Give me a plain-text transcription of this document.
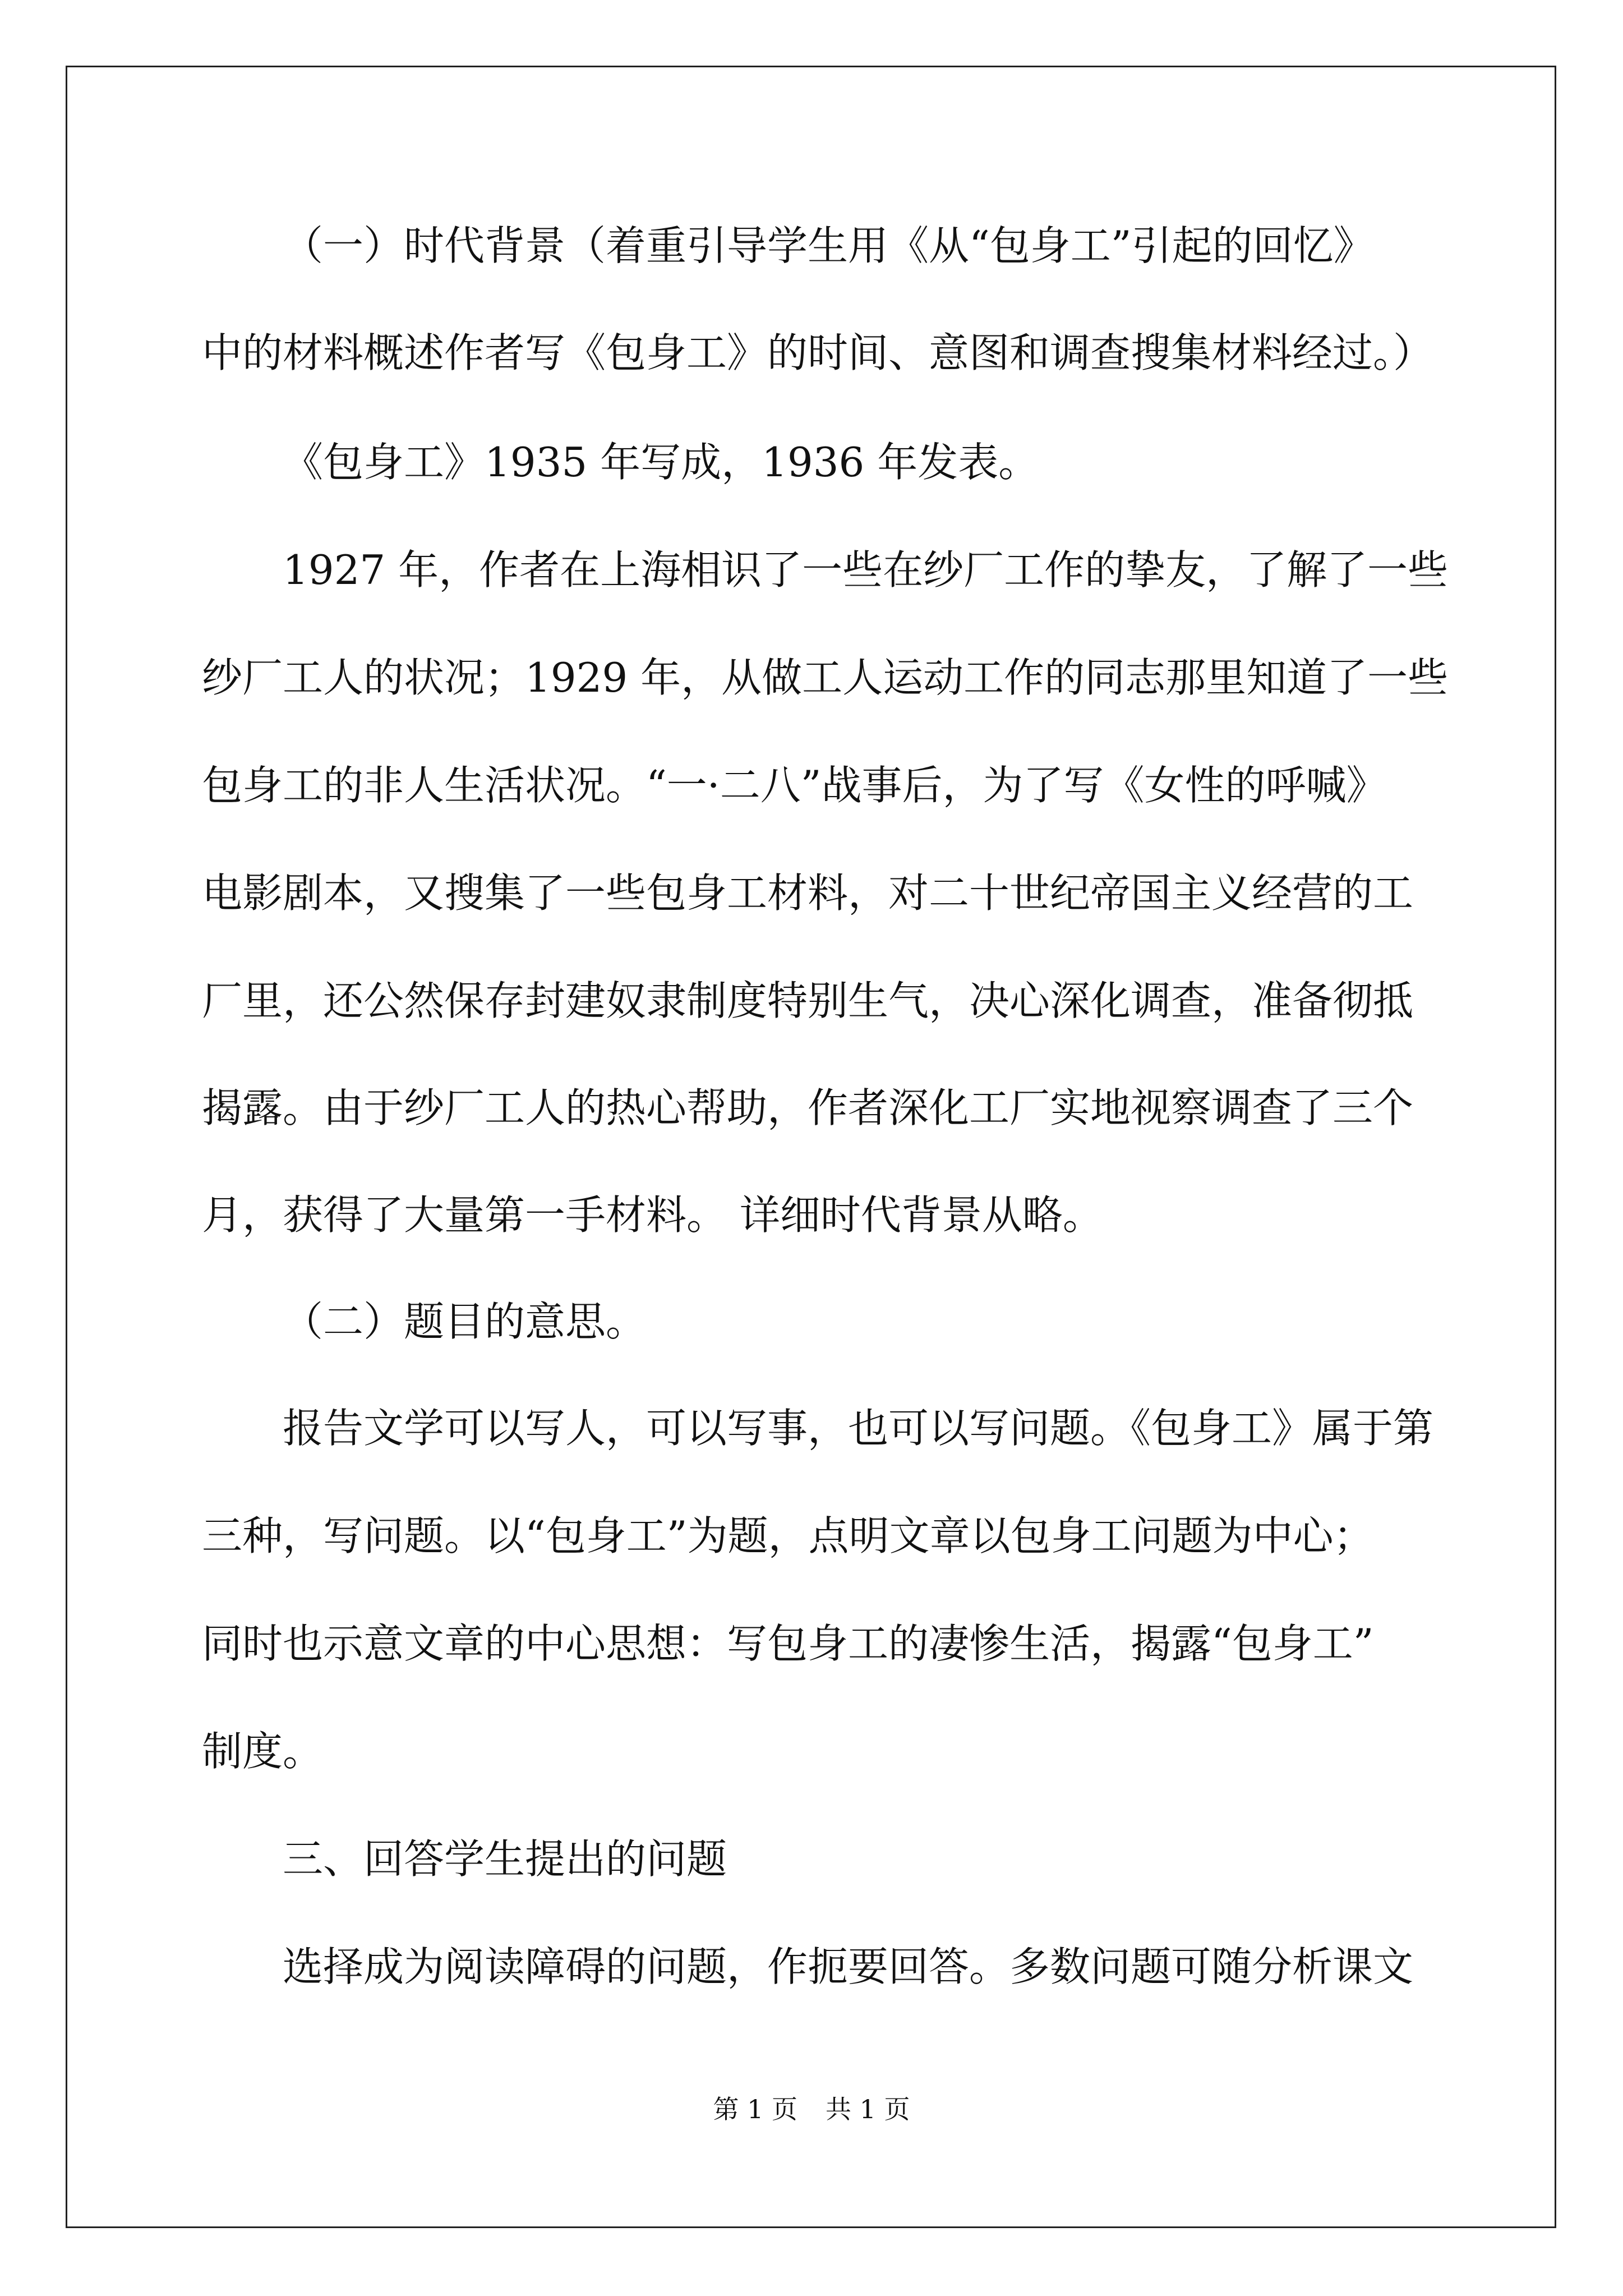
（一）时代背景（着重引导学生用《从“包身工”引起的回忆》
中的材料概述作者写《包身工》的时间、意图和调查搜集材料经过。）
《包身工》1935 年写成，1936 年发表。
1927 年，作者在上海相识了一些在纱厂工作的挚友，了解了一些
纱厂工人的状况；1929 年，从做工人运动工作的同志那里知道了一些
包身工的非人生活状况。“一·二八”战事后，为了写《女性的呼喊》
电影剧本，又搜集了一些包身工材料，对二十世纪帝国主义经营的工
厂里，还公然保存封建奴隶制度特别生气，决心深化调查，准备彻抵
揭露。由于纱厂工人的热心帮助，作者深化工厂实地视察调查了三个
月，获得了大量第一手材料。 详细时代背景从略。
（二）题目的意思。
报告文学可以写人，可以写事，也可以写问题。《包身工》属于第
三种，写问题。以“包身工”为题，点明文章以包身工问题为中心；
同时也示意文章的中心思想：写包身工的凄惨生活，揭露“包身工”
制度。
三、回答学生提出的问题
选择成为阅读障碍的问题，作扼要回答。多数问题可随分析课文
第 1 页 共 1 页
